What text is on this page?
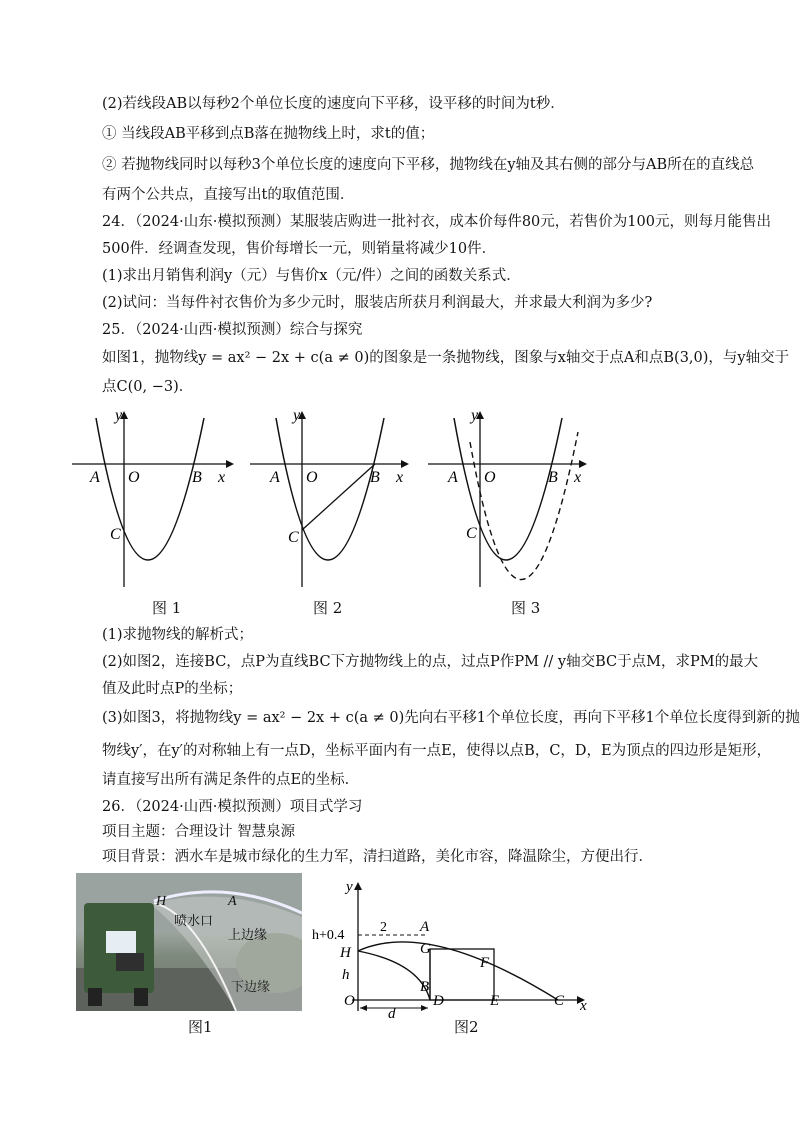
(2)若线段AB以每秒2个单位长度的速度向下平移，设平移的时间为t秒．
① 当线段AB平移到点B落在抛物线上时，求t的值；
② 若抛物线同时以每秒3个单位长度的速度向下平移，抛物线在y轴及其右侧的部分与AB所在的直线总
有两个公共点，直接写出t的取值范围．
24．（2024·山东·模拟预测）某服装店购进一批衬衣，成本价每件80元，若售价为100元，则每月能售出
500件．经调查发现，售价每增长一元，则销量将减少10件．
(1)求出月销售利润y（元）与售价x（元/件）之间的函数关系式．
(2)试问：当每件衬衣售价为多少元时，服装店所获月利润最大，并求最大利润为多少?
25．（2024·山西·模拟预测）综合与探究
如图1，抛物线y = ax² − 2x + c(a ≠ 0)的图象是一条抛物线，图象与x轴交于点A和点B(3,0)，与y轴交于
点C(0, −3)．
y
x
A O	B
C
y
x
A O	B
C
y
x
A O	B
C
图 1	图 2	图 3
(1)求抛物线的解析式；
(2)如图2，连接BC，点P为直线BC下方抛物线上的点，过点P作PM // y轴交BC于点M，求PM的最大
值及此时点P的坐标；
(3)如图3，将抛物线y = ax² − 2x + c(a ≠ 0)先向右平移1个单位长度，再向下平移1个单位长度得到新的抛
物线y′，在y′的对称轴上有一点D，坐标平面内有一点E，使得以点B，C，D，E为顶点的四边形是矩形，
请直接写出所有满足条件的点E的坐标．
26．（2024·山西·模拟预测）项目式学习
项目主题：合理设计 智慧泉源
项目背景：洒水车是城市绿化的生力军，清扫道路，美化市容，降温除尘，方便出行．
H	A
喷水口
上边缘
下边缘
y
x
h+0.4
2 A
H	G
F
h
B
O	D	E	C
d
图1	图2
